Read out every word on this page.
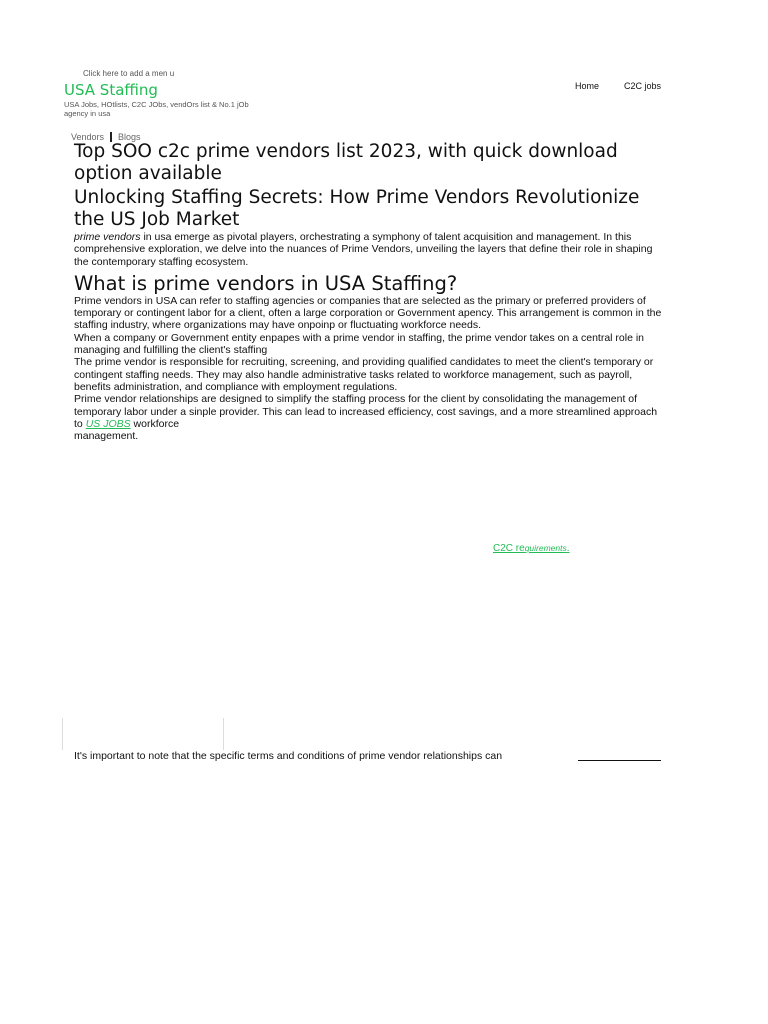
Click here to add a men u
USA Staffing
USA Jobs, HOtlists, C2C JObs, vendOrs list & No.1 jOb agency in usa
Home	C2C jobs
Vendors Blogs
Top SOO c2c prime vendors list 2023, with quick download option available
Unlocking Staffing Secrets: How Prime Vendors Revolutionize the US Job Market

prime vendors in usa emerge as pivotal players, orchestrating a symphony of talent acquisition and management. In this comprehensive exploration, we delve into the nuances of Prime Vendors, unveiling the layers that define their role in shaping the contemporary staffing ecosystem.

What is prime vendors in USA Staffing?

Prime vendors in USA can refer to staffing agencies or companies that are selected as the primary or preferred providers of temporary or contingent labor for a client, often a large corporation or Government apency. This arrangement is common in the staffing industry, where organizations may have onpoinp or fluctuating workforce needs.

When a company or Government entity enpapes with a prime vendor in staffing, the prime vendor takes on a central role in managing and fulfilling the client's staffing

The prime vendor is responsible for recruiting, screening, and providing qualified candidates to meet the client's temporary or contingent staffing needs. They may also handle administrative tasks related to workforce management, such as payroll, benefits administration, and compliance with employment regulations.

Prime vendor relationships are designed to simplify the staffing process for the client by consolidating the management of temporary labor under a sinple provider. This can lead to increased efficiency, cost savings, and a more streamlined approach to US JOBS workforce

management.

C2C requirements.
It's important to note that the specific terms and conditions of prime vendor relationships can
